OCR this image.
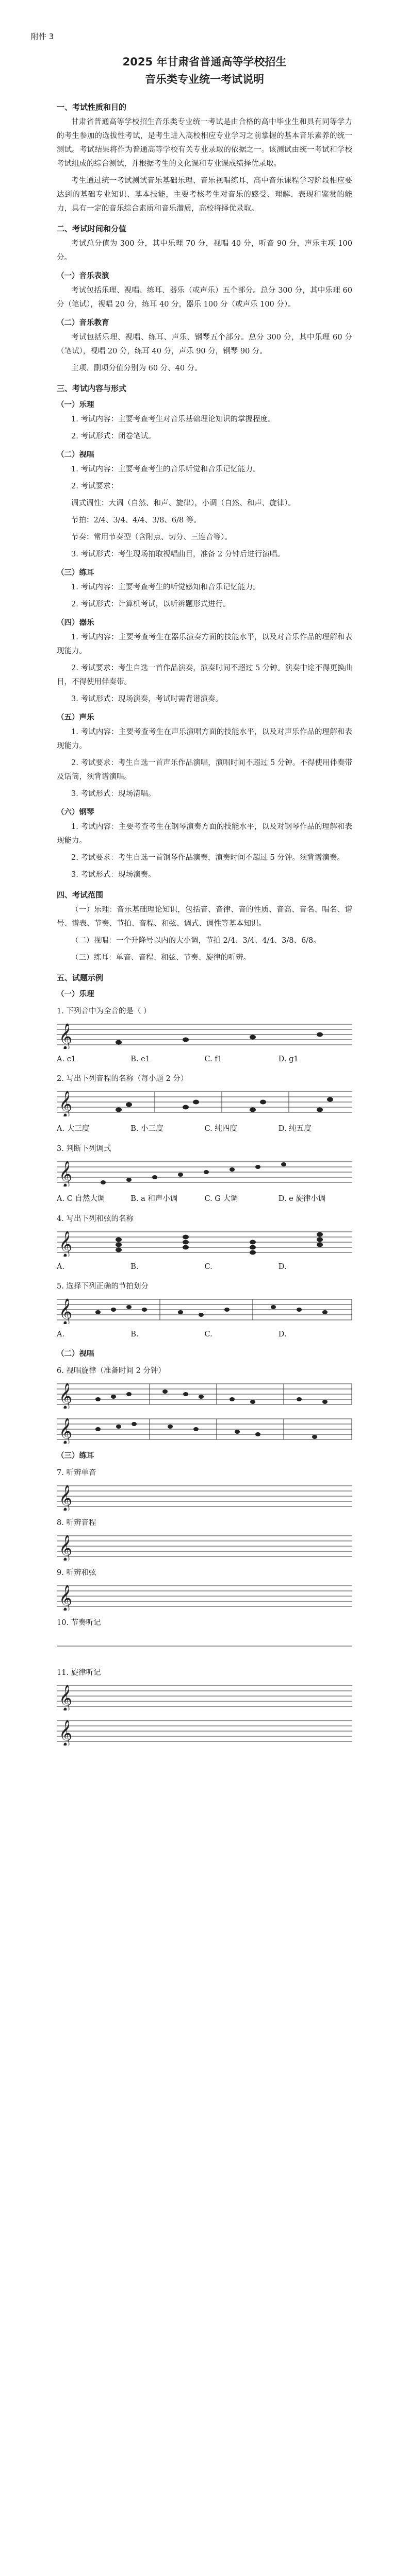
附件 3
2025 年甘肃省普通高等学校招生
音乐类专业统一考试说明
一、考试性质和目的

甘肃省普通高等学校招生音乐类专业统一考试是由合格的高中毕业生和具有同等学力的考生参加的选拔性考试，是考生进入高校相应专业学习之前掌握的基本音乐素养的统一测试。考试结果将作为普通高等学校有关专业录取的依据之一。该测试由统一考试和学校考试组成的综合测试，并根据考生的文化课和专业课成绩择优录取。

考生通过统一考试测试音乐基础乐理、音乐视唱练耳，高中音乐课程学习阶段相应要达到的基础专业知识、基本技能，主要考核考生对音乐的感受、理解、表现和鉴赏的能力，具有一定的音乐综合素质和音乐潜质，高校将择优录取。

二、考试时间和分值

考试总分值为 300 分，其中乐理 70 分，视唱 40 分，听音 90 分，声乐主项 100 分。

（一）音乐表演

考试包括乐理、视唱、练耳、器乐（或声乐）五个部分。总分 300 分，其中乐理 60 分（笔试），视唱 20 分，练耳 40 分，器乐 100 分（或声乐 100 分）。

（二）音乐教育

考试包括乐理、视唱、练耳、声乐、钢琴五个部分。总分 300 分，其中乐理 60 分（笔试），视唱 20 分，练耳 40 分，声乐 90 分，钢琴 90 分。

主项、副项分值分别为 60 分、40 分。

三、考试内容与形式
（一）乐理

1. 考试内容：主要考查考生对音乐基础理论知识的掌握程度。

2. 考试形式：闭卷笔试。

（二）视唱

1. 考试内容：主要考查考生的音乐听觉和音乐记忆能力。

2. 考试要求：

调式调性：大调（自然、和声、旋律），小调（自然、和声、旋律）。

节拍：2/4、3/4、4/4、3/8、6/8 等。

节奏：常用节奏型（含附点、切分、三连音等）。

3. 考试形式：考生现场抽取视唱曲目，准备 2 分钟后进行演唱。

（三）练耳

1. 考试内容：主要考查考生的听觉感知和音乐记忆能力。

2. 考试形式：计算机考试，以听辨题形式进行。

（四）器乐

1. 考试内容：主要考查考生在器乐演奏方面的技能水平，以及对音乐作品的理解和表现能力。

2. 考试要求：考生自选一首作品演奏，演奏时间不超过 5 分钟。演奏中途不得更换曲目，不得使用伴奏带。

3. 考试形式：现场演奏，考试时需背谱演奏。

（五）声乐

1. 考试内容：主要考查考生在声乐演唱方面的技能水平，以及对声乐作品的理解和表现能力。

2. 考试要求：考生自选一首声乐作品演唱，演唱时间不超过 5 分钟。不得使用伴奏带及话筒，须背谱演唱。

3. 考试形式：现场清唱。

（六）钢琴

1. 考试内容：主要考查考生在钢琴演奏方面的技能水平，以及对钢琴作品的理解和表现能力。

2. 考试要求：考生自选一首钢琴作品演奏，演奏时间不超过 5 分钟。须背谱演奏。

3. 考试形式：现场演奏。

四、考试范围

（一）乐理：音乐基础理论知识，包括音、音律、音的性质、音高、音名、唱名、谱号、谱表、节奏、节拍、音程、和弦、调式、调性等基本知识。

（二）视唱：一个升降号以内的大小调，节拍 2/4、3/4、4/4、3/8、6/8。

（三）练耳：单音、音程、和弦、节奏、旋律的听辨。

五、试题示例
（一）乐理
1. 下列音中为全音的是（ ）
𝄞
A. c1	B. e1	C. f1	D. g1
2. 写出下列音程的名称（每小题 2 分）
𝄞
A. 大三度	B. 小三度	C. 纯四度	D. 纯五度
3. 判断下列调式
𝄞
A. C 自然大调	B. a 和声小调	C. G 大调	D. e 旋律小调
4. 写出下列和弦的名称
𝄞
A.	B.	C.	D.
5. 选择下列正确的节拍划分
𝄞
A.	B.	C.	D.
（二）视唱
6. 视唱旋律（准备时间 2 分钟）
𝄞
𝄞
（三）练耳
7. 听辨单音
𝄞
8. 听辨音程
𝄞
9. 听辨和弦
𝄞
10. 节奏听记
11. 旋律听记
𝄞
𝄞
